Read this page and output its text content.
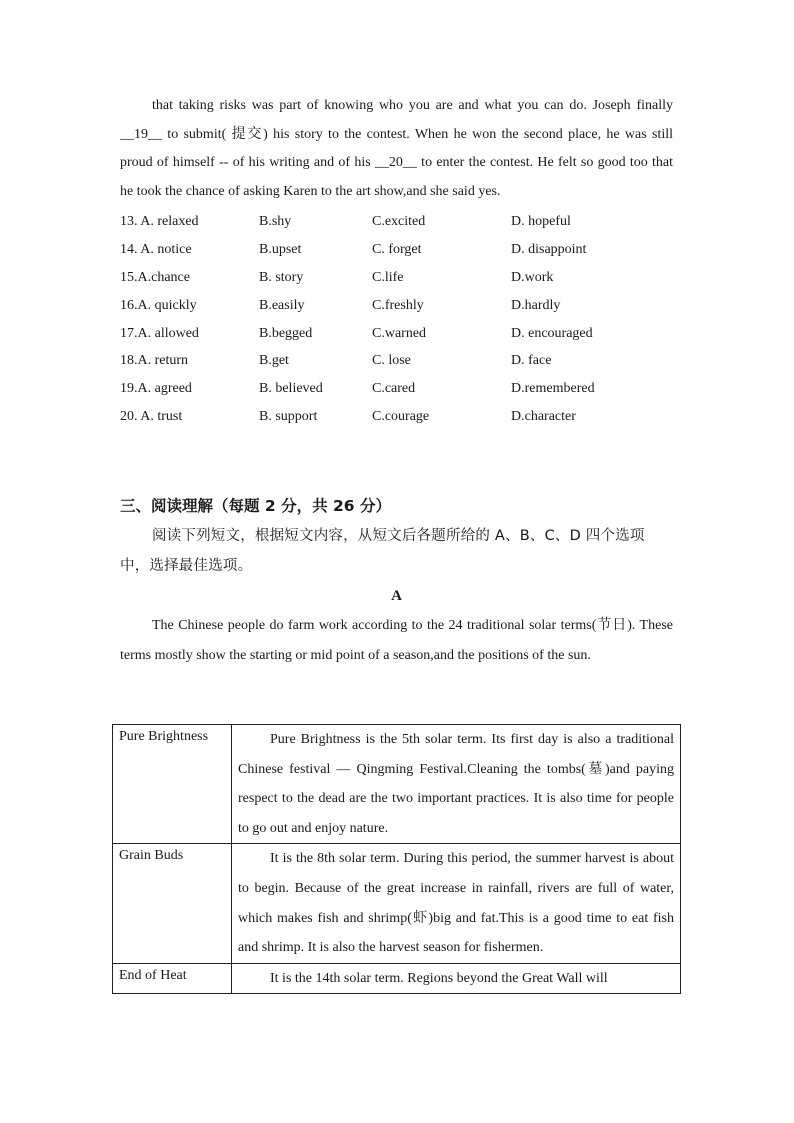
that taking risks was part of knowing who you are and what you can do. Joseph finally __19__ to submit( 提交) his story to the contest. When he won the second place, he was still proud of himself -- of his writing and of his __20__ to enter the contest. He felt so good too that he took the chance of asking Karen to the art show,and she said yes.

13. A. relaxed	B.shy	C.excited	D. hopeful
14. A. notice	B.upset	C. forget	D. disappoint
15.A.chance	B. story	C.life	D.work
16.A. quickly	B.easily	C.freshly	D.hardly
17.A. allowed	B.begged	C.warned	D. encouraged
18.A. return	B.get	C. lose	D. face
19.A. agreed	B. believed	C.cared	D.remembered
20. A. trust	B. support	C.courage	D.character
三、阅读理解（每题 2 分，共 26 分）

阅读下列短文，根据短文内容，从短文后各题所给的 A、B、C、D 四个选项中，选择最佳选项。

A

The Chinese people do farm work according to the 24 traditional solar terms(节日). These terms mostly show the starting or mid point of a season,and the positions of the sun.

Pure Brightness	Pure Brightness is the 5th solar term. Its first day is also a traditional Chinese festival — Qingming Festival.Cleaning the tombs(墓)and paying respect to the dead are the two important practices. It is also time for people to go out and enjoy nature.
Grain Buds	It is the 8th solar term. During this period, the summer harvest is about to begin. Because of the great increase in rainfall, rivers are full of water, which makes fish and shrimp(虾)big and fat.This is a good time to eat fish and shrimp. It is also the harvest season for fishermen.
End of Heat	It is the 14th solar term. Regions beyond the Great Wall will
